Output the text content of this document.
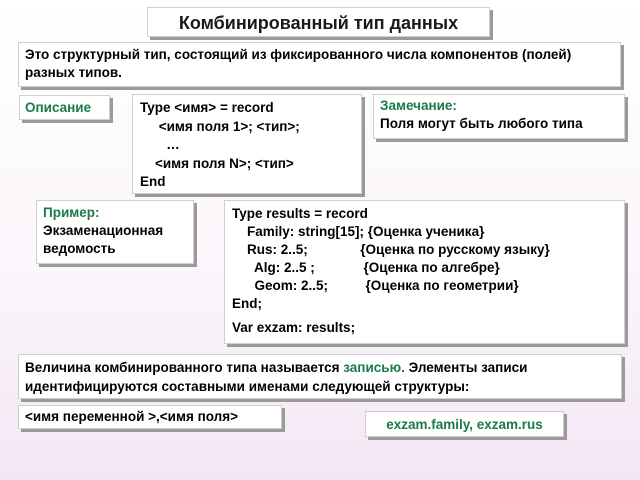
Комбинированный тип данных
Это структурный тип, состоящий из фиксированного числа компонентов (полей) разных типов.
Описание	Type <имя> = record
<имя поля 1>; <тип>;
…
<имя поля N>; <тип>
End
Замечание:
Поля могут быть любого типа
Пример:
Экзаменационная
ведомость
Type results = record
Family: string[15]; {Оценка ученика}
Rus: 2..5;              {Оценка по русскому языку}
Alg: 2..5 ;             {Оценка по алгебре}
Geom: 2..5;          {Оценка по геометрии}
End;
Var exzam: results;
Величина комбинированного типа называется записью. Элементы записи идентифицируются составными именами следующей структуры:
<имя переменной >,<имя поля>
exzam.family, exzam.rus
